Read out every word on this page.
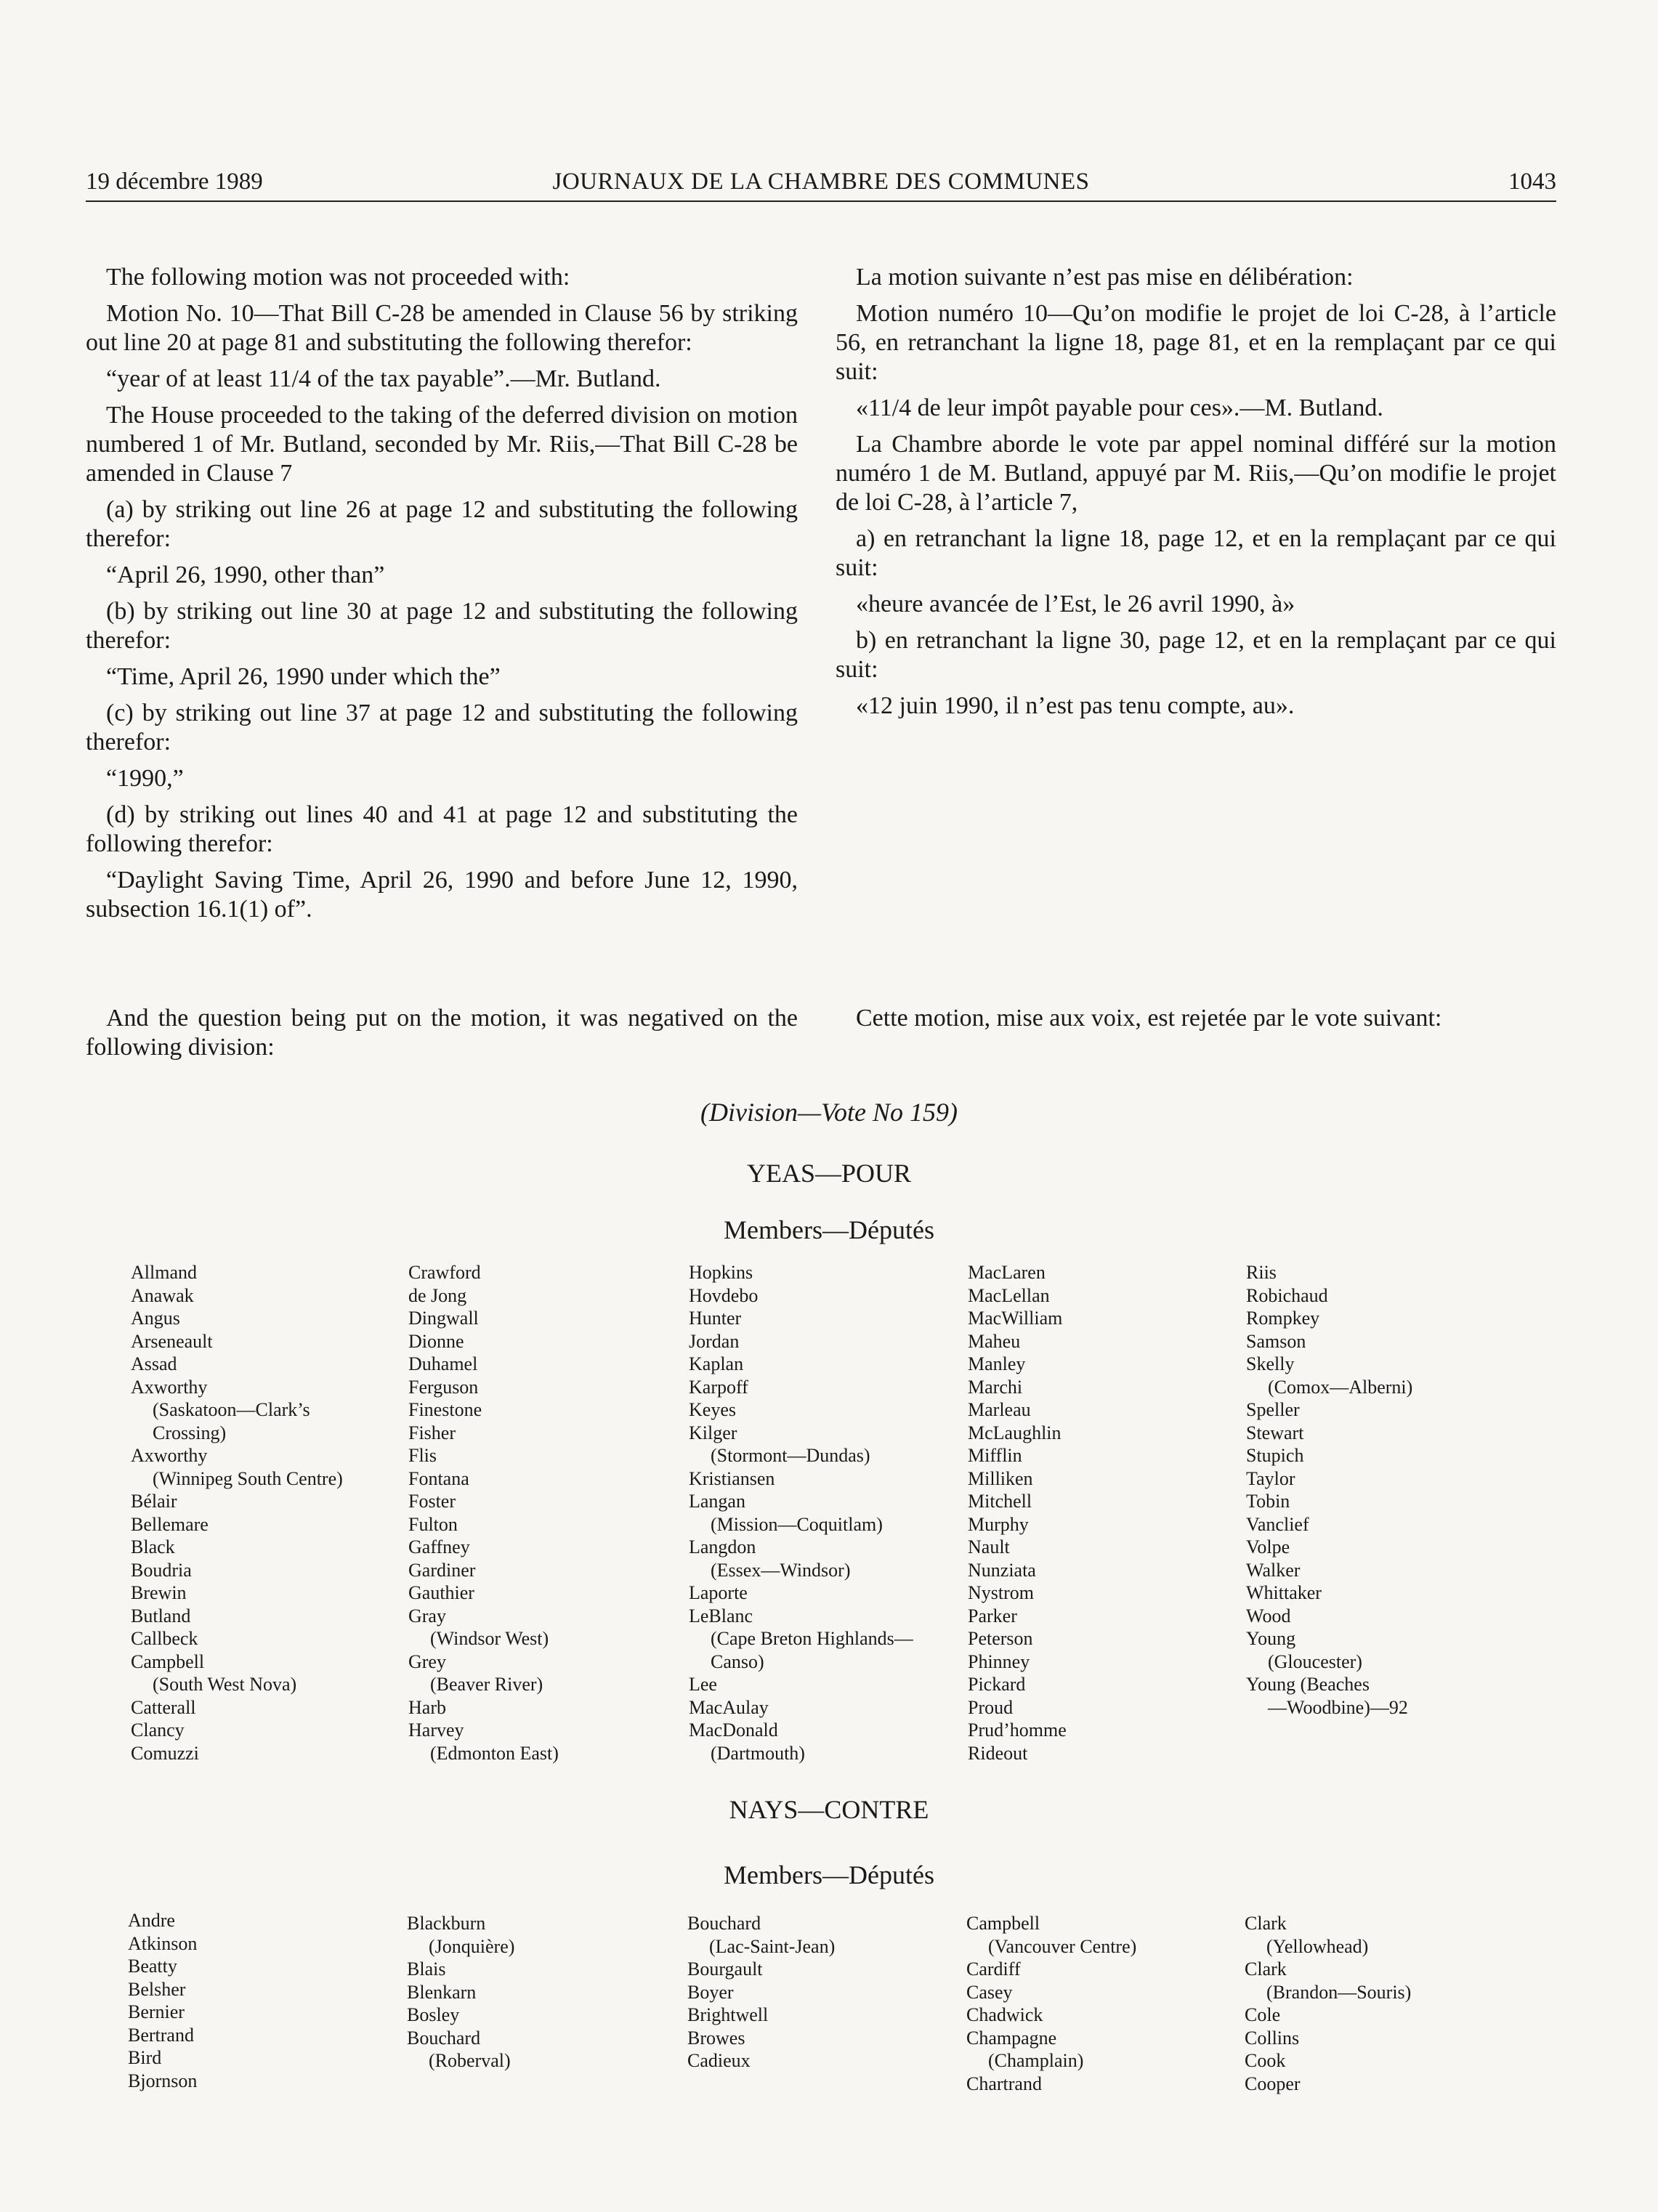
19 décembre 1989	JOURNAUX DE LA CHAMBRE DES COMMUNES	1043

The following motion was not proceeded with:

Motion No. 10—That Bill C-28 be amended in Clause 56 by striking out line 20 at page 81 and substituting the following therefor:

“year of at least 11/4 of the tax payable”.—Mr. Butland.

The House proceeded to the taking of the deferred division on motion numbered 1 of Mr. Butland, seconded by Mr. Riis,—That Bill C-28 be amended in Clause 7

(a) by striking out line 26 at page 12 and substituting the following therefor:

“April 26, 1990, other than”

(b) by striking out line 30 at page 12 and substituting the following therefor:

“Time, April 26, 1990 under which the”

(c) by striking out line 37 at page 12 and substituting the following therefor:

“1990,”

(d) by striking out lines 40 and 41 at page 12 and substituting the following therefor:

“Daylight Saving Time, April 26, 1990 and before June 12, 1990, subsection 16.1(1) of”.

And the question being put on the motion, it was negatived on the following division:

La motion suivante n’est pas mise en délibération:

Motion numéro 10—Qu’on modifie le projet de loi C-28, à l’article 56, en retranchant la ligne 18, page 81, et en la remplaçant par ce qui suit:

«11/4 de leur impôt payable pour ces».—M. Butland.

La Chambre aborde le vote par appel nominal différé sur la motion numéro 1 de M. Butland, appuyé par M. Riis,—Qu’on modifie le projet de loi C-28, à l’article 7,

a) en retranchant la ligne 18, page 12, et en la remplaçant par ce qui suit:

«heure avancée de l’Est, le 26 avril 1990, à»

b) en retranchant la ligne 30, page 12, et en la remplaçant par ce qui suit:

«12 juin 1990, il n’est pas tenu compte, au».

Cette motion, mise aux voix, est rejetée par le vote suivant:
(Division—Vote No 159)
YEAS—POUR
Members—Députés
Allmand
Anawak
Angus
Arseneault
Assad
Axworthy
(Saskatoon—Clark’s
Crossing)
Axworthy
(Winnipeg South Centre)
Bélair
Bellemare
Black
Boudria
Brewin
Butland
Callbeck
Campbell
(South West Nova)
Catterall
Clancy
Comuzzi
Crawford
de Jong
Dingwall
Dionne
Duhamel
Ferguson
Finestone
Fisher
Flis
Fontana
Foster
Fulton
Gaffney
Gardiner
Gauthier
Gray
(Windsor West)
Grey
(Beaver River)
Harb
Harvey
(Edmonton East)
Hopkins
Hovdebo
Hunter
Jordan
Kaplan
Karpoff
Keyes
Kilger
(Stormont—Dundas)
Kristiansen
Langan
(Mission—Coquitlam)
Langdon
(Essex—Windsor)
Laporte
LeBlanc
(Cape Breton Highlands—
Canso)
Lee
MacAulay
MacDonald
(Dartmouth)
MacLaren
MacLellan
MacWilliam
Maheu
Manley
Marchi
Marleau
McLaughlin
Mifflin
Milliken
Mitchell
Murphy
Nault
Nunziata
Nystrom
Parker
Peterson
Phinney
Pickard
Proud
Prud’homme
Rideout
Riis
Robichaud
Rompkey
Samson
Skelly
(Comox—Alberni)
Speller
Stewart
Stupich
Taylor
Tobin
Vanclief
Volpe
Walker
Whittaker
Wood
Young
(Gloucester)
Young (Beaches
—Woodbine)—92
NAYS—CONTRE
Members—Députés
Andre
Atkinson
Beatty
Belsher
Bernier
Bertrand
Bird
Bjornson
Blackburn
(Jonquière)
Blais
Blenkarn
Bosley
Bouchard
(Roberval)
Bouchard
(Lac-Saint-Jean)
Bourgault
Boyer
Brightwell
Browes
Cadieux
Campbell
(Vancouver Centre)
Cardiff
Casey
Chadwick
Champagne
(Champlain)
Chartrand
Clark
(Yellowhead)
Clark
(Brandon—Souris)
Cole
Collins
Cook
Cooper
